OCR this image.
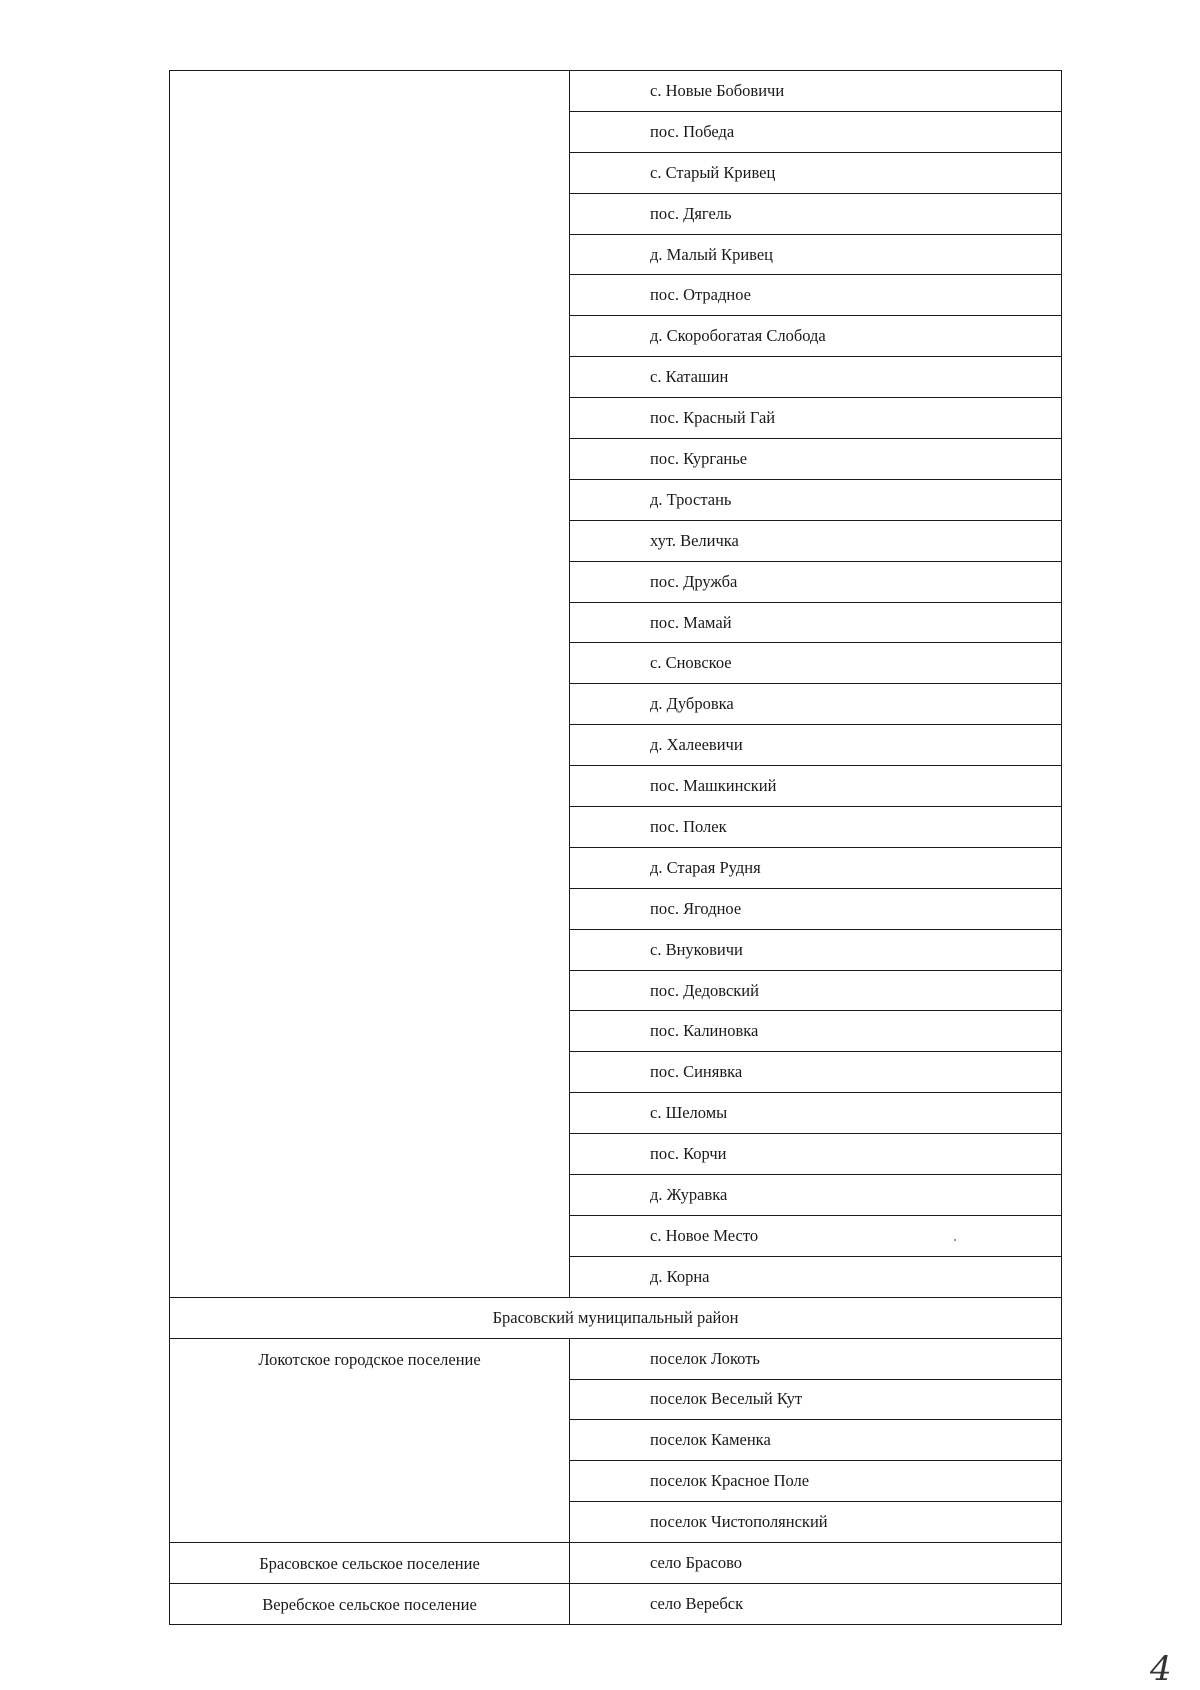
	с. Новые Бобовичи
	пос. Победа
	с. Старый Кривец
	пос. Дягель
	д. Малый Кривец
	пос. Отрадное
	д. Скоробогатая Слобода
	с. Каташин
	пос. Красный Гай
	пос. Курганье
	д. Тростань
	хут. Величка
	пос. Дружба
	пос. Мамай
	с. Сновское
	д. Дубровка
	д. Халеевичи
	пос. Машкинский
	пос. Полек
	д. Старая Рудня
	пос. Ягодное
	с. Внуковичи
	пос. Дедовский
	пос. Калиновка
	пос. Синявка
	с. Шеломы
	пос. Корчи
	д. Журавка
	с. Новое Место
	д. Корна
Брасовский муниципальный район	
Локотское городское поселение	поселок Локоть
	поселок Веселый Кут
	поселок Каменка
	поселок Красное Поле
	поселок Чистополянский
Брасовское сельское поселение	село Брасово
Веребское сельское поселение	село Веребск
4
